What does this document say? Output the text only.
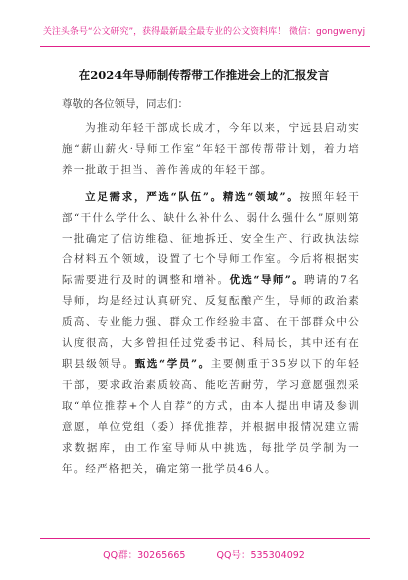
关注头条号“公文研究”，获得最新最全最专业的公文资料库！ 微信：gongwenyj
在2024年导师制传帮带工作推进会上的汇报发言
尊敬的各位领导，同志们：

为推动年轻干部成长成才，今年以来，宁远县启动实施“薪山薪火·导师工作室”年轻干部传帮带计划，着力培养一批敢于担当、善作善成的年轻干部。

立足需求，严选“队伍”。精选“领域”。按照年轻干部“干什么学什么、缺什么补什么、弱什么强什么”原则第一批确定了信访维稳、征地拆迁、安全生产、行政执法综合材料五个领域，设置了七个导师工作室。今后将根据实际需要进行及时的调整和增补。优选“导师”。聘请的7名导师，均是经过认真研究、反复酝酿产生，导师的政治素质高、专业能力强、群众工作经验丰富、在干部群众中公认度很高，大多曾担任过党委书记、科局长，其中还有在职县级领导。甄选“学员”。主要侧重于35岁以下的年轻干部，要求政治素质较高、能吃苦耐劳，学习意愿强烈采取“单位推荐+个人自荐”的方式，由本人提出申请及参训意愿，单位党组（委）择优推荐，并根据申报情况建立需求数据库，由工作室导师从中挑选，每批学员学制为一年。经严格把关，确定第一批学员46人。

QQ群：30265665	QQ号：535304092
